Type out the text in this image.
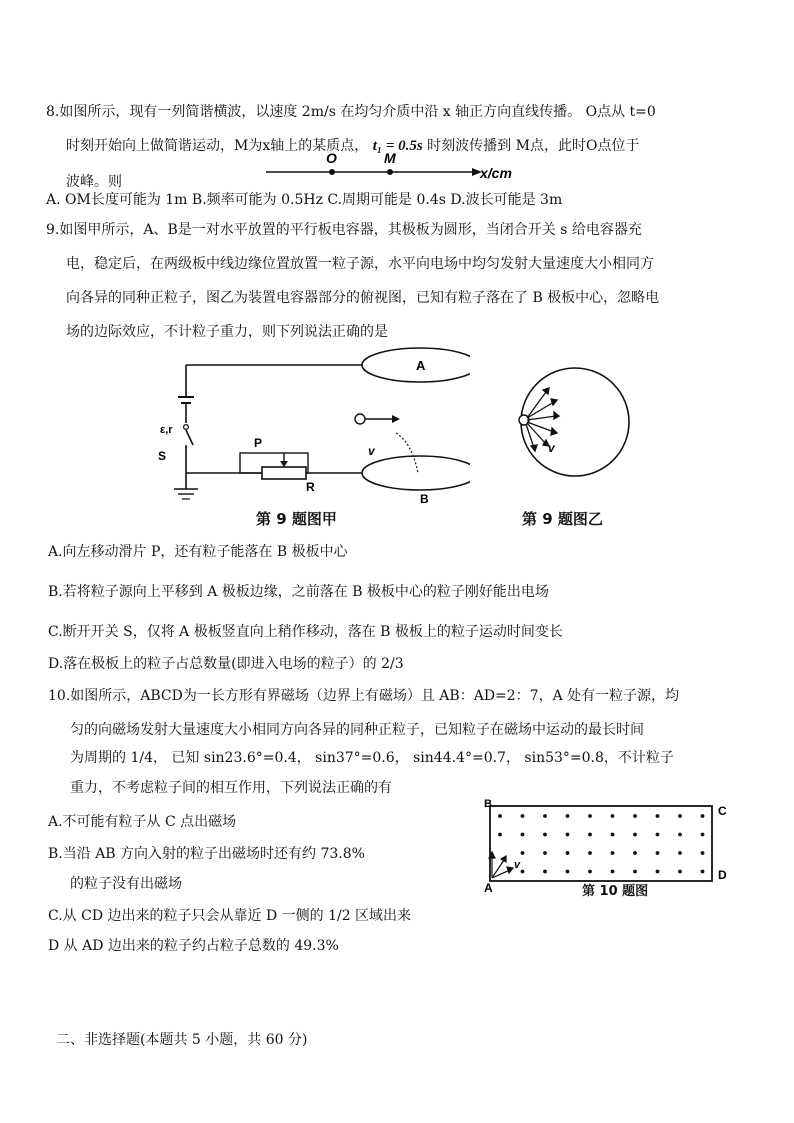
8.如图所示，现有一列简谐横波，以速度 2m/s 在均匀介质中沿 x 轴正方向直线传播。 O点从 t=0
时刻开始向上做简谐运动，M为x轴上的某质点， t₁ = 0.5s 时刻波传播到 M点，此时O点位于
波峰。则
O	M
x/cm
A. OM长度可能为 1m B.频率可能为 0.5Hz C.周期可能是 0.4s D.波长可能是 3m
9.如图甲所示，A、B是一对水平放置的平行板电容器，其极板为圆形，当闭合开关 s 给电容器充
电，稳定后，在两级板中线边缘位置放置一粒子源，水平向电场中均匀发射大量速度大小相同方
向各异的同种正粒子，图乙为装置电容器部分的俯视图，已知有粒子落在了 B 极板中心，忽略电
场的边际效应，不计粒子重力，则下列说法正确的是
A
ε,r
S
P
R
v
B
第 9 题图甲
v
第 9 题图乙
A.向左移动滑片 P，还有粒子能落在 B 极板中心
B.若将粒子源向上平移到 A 极板边缘，之前落在 B 极板中心的粒子刚好能出电场
C.断开开关 S，仅将 A 极板竖直向上稍作移动，落在 B 极板上的粒子运动时间变长
D.落在极板上的粒子占总数量(即进入电场的粒子）的 2/3
10.如图所示，ABCD为一长方形有界磁场（边界上有磁场）且 AB：AD=2：7，A 处有一粒子源，均
匀的向磁场发射大量速度大小相同方向各异的同种正粒子，已知粒子在磁场中运动的最长时间
为周期的 1/4， 已知 sin23.6°=0.4， sin37°=0.6， sin44.4°=0.7， sin53°=0.8，不计粒子
重力，不考虑粒子间的相互作用，下列说法正确的有
A.不可能有粒子从 C 点出磁场
B.当沿 AB 方向入射的粒子出磁场时还有约 73.8%
的粒子没有出磁场
C.从 CD 边出来的粒子只会从靠近 D 一侧的 1/2 区域出来
D 从 AD 边出来的粒子约占粒子总数的 49.3%
B	C
D
A
v
第 10 题图
二、非选择题(本题共 5 小题，共 60 分)
